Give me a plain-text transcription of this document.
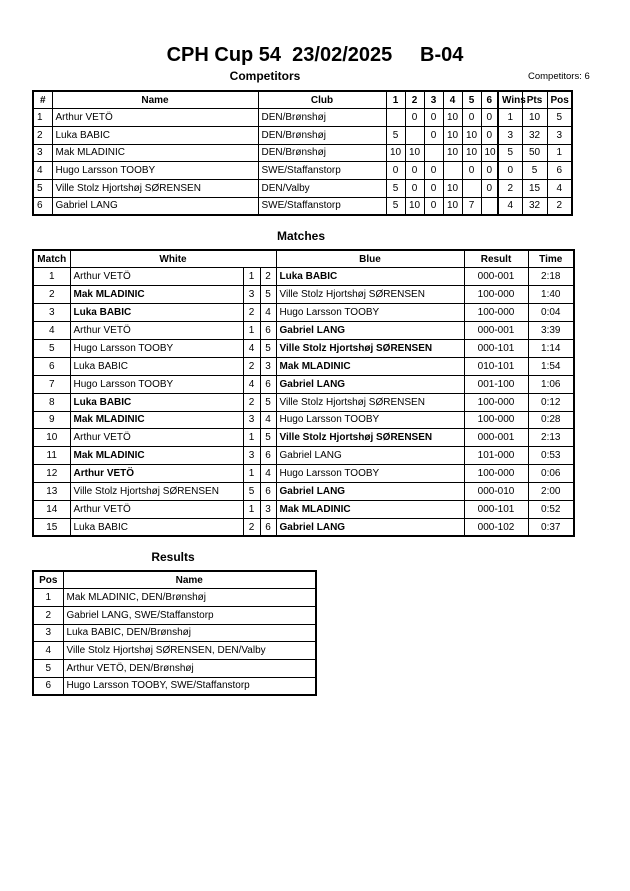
CPH Cup 54  23/02/2025     B-04
Competitors	Competitors: 6
#	Name	Club	1	2	3	4	5	6	Wins	Pts	Pos
1	Arthur VETÖ	DEN/Brønshøj		0	0	10	0	0	1	10	5
2	Luka BABIC	DEN/Brønshøj	5		0	10	10	0	3	32	3
3	Mak MLADINIC	DEN/Brønshøj	10	10		10	10	10	5	50	1
4	Hugo Larsson TOOBY	SWE/Staffanstorp	0	0	0		0	0	0	5	6
5	Ville Stolz Hjortshøj SØRENSEN	DEN/Valby	5	0	0	10		0	2	15	4
6	Gabriel LANG	SWE/Staffanstorp	5	10	0	10	7		4	32	2
Matches
Match	White			Blue	Result	Time
1	Arthur VETÖ	1	2	Luka BABIC	000-001	2:18
2	Mak MLADINIC	3	5	Ville Stolz Hjortshøj SØRENSEN	100-000	1:40
3	Luka BABIC	2	4	Hugo Larsson TOOBY	100-000	0:04
4	Arthur VETÖ	1	6	Gabriel LANG	000-001	3:39
5	Hugo Larsson TOOBY	4	5	Ville Stolz Hjortshøj SØRENSEN	000-101	1:14
6	Luka BABIC	2	3	Mak MLADINIC	010-101	1:54
7	Hugo Larsson TOOBY	4	6	Gabriel LANG	001-100	1:06
8	Luka BABIC	2	5	Ville Stolz Hjortshøj SØRENSEN	100-000	0:12
9	Mak MLADINIC	3	4	Hugo Larsson TOOBY	100-000	0:28
10	Arthur VETÖ	1	5	Ville Stolz Hjortshøj SØRENSEN	000-001	2:13
11	Mak MLADINIC	3	6	Gabriel LANG	101-000	0:53
12	Arthur VETÖ	1	4	Hugo Larsson TOOBY	100-000	0:06
13	Ville Stolz Hjortshøj SØRENSEN	5	6	Gabriel LANG	000-010	2:00
14	Arthur VETÖ	1	3	Mak MLADINIC	000-101	0:52
15	Luka BABIC	2	6	Gabriel LANG	000-102	0:37
Results
Pos	Name
1	Mak MLADINIC, DEN/Brønshøj
2	Gabriel LANG, SWE/Staffanstorp
3	Luka BABIC, DEN/Brønshøj
4	Ville Stolz Hjortshøj SØRENSEN, DEN/Valby
5	Arthur VETÖ, DEN/Brønshøj
6	Hugo Larsson TOOBY, SWE/Staffanstorp
